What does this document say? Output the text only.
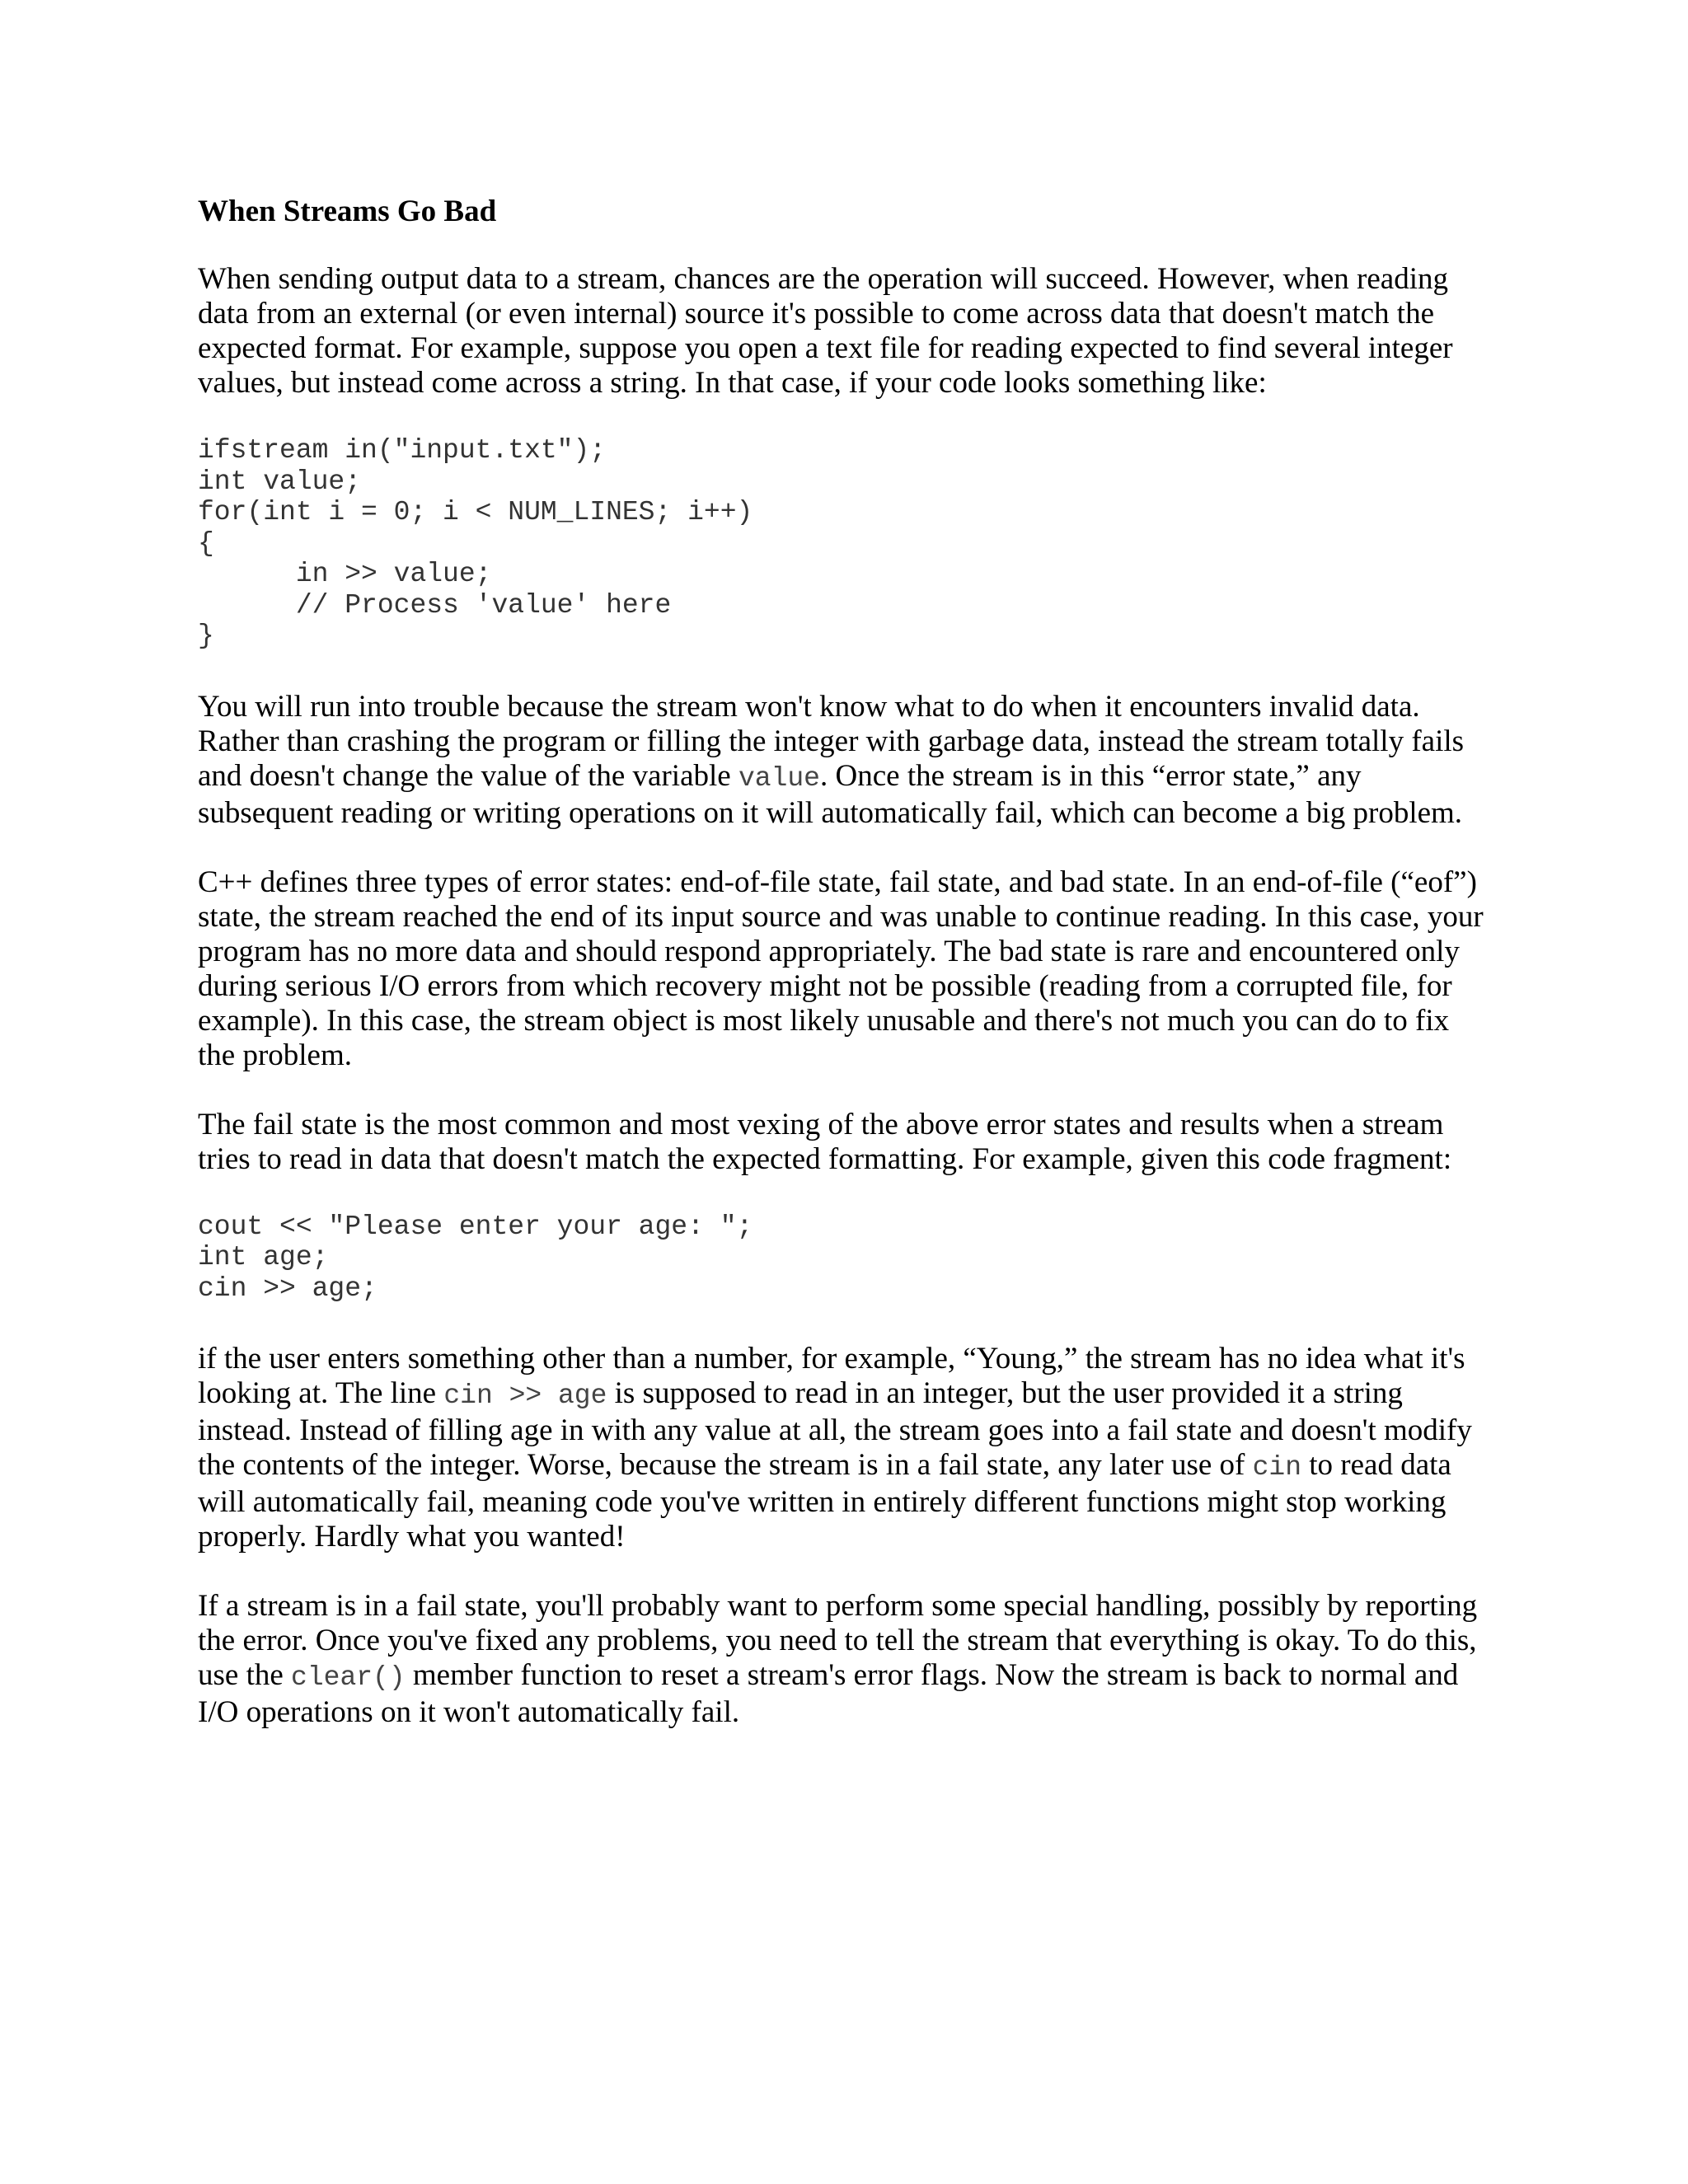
When Streams Go Bad

When sending output data to a stream, chances are the operation will succeed. However, when reading data from an external (or even internal) source it's possible to come across data that doesn't match the expected format. For example, suppose you open a text file for reading expected to find several integer values, but instead come across a string. In that case, if your code looks something like:

ifstream in("input.txt");
int value;
for(int i = 0; i < NUM_LINES; i++)
{
in >> value;
// Process 'value' here
}

You will run into trouble because the stream won't know what to do when it encounters invalid data. Rather than crashing the program or filling the integer with garbage data, instead the stream totally fails and doesn't change the value of the variable value. Once the stream is in this “error state,” any subsequent reading or writing operations on it will automatically fail, which can become a big problem.

C++ defines three types of error states: end-of-file state, fail state, and bad state. In an end-of-file (“eof”) state, the stream reached the end of its input source and was unable to continue reading. In this case, your program has no more data and should respond appropriately. The bad state is rare and encountered only during serious I/O errors from which recovery might not be possible (reading from a corrupted file, for example). In this case, the stream object is most likely unusable and there's not much you can do to fix the problem.

The fail state is the most common and most vexing of the above error states and results when a stream tries to read in data that doesn't match the expected formatting. For example, given this code fragment:

cout << "Please enter your age: ";
int age;
cin >> age;

if the user enters something other than a number, for example, “Young,” the stream has no idea what it's looking at. The line cin >> age is supposed to read in an integer, but the user provided it a string instead. Instead of filling age in with any value at all, the stream goes into a fail state and doesn't modify the contents of the integer. Worse, because the stream is in a fail state, any later use of cin to read data will automatically fail, meaning code you've written in entirely different functions might stop working properly. Hardly what you wanted!

If a stream is in a fail state, you'll probably want to perform some special handling, possibly by reporting the error. Once you've fixed any problems, you need to tell the stream that everything is okay. To do this, use the clear() member function to reset a stream's error flags. Now the stream is back to normal and I/O operations on it won't automatically fail.
